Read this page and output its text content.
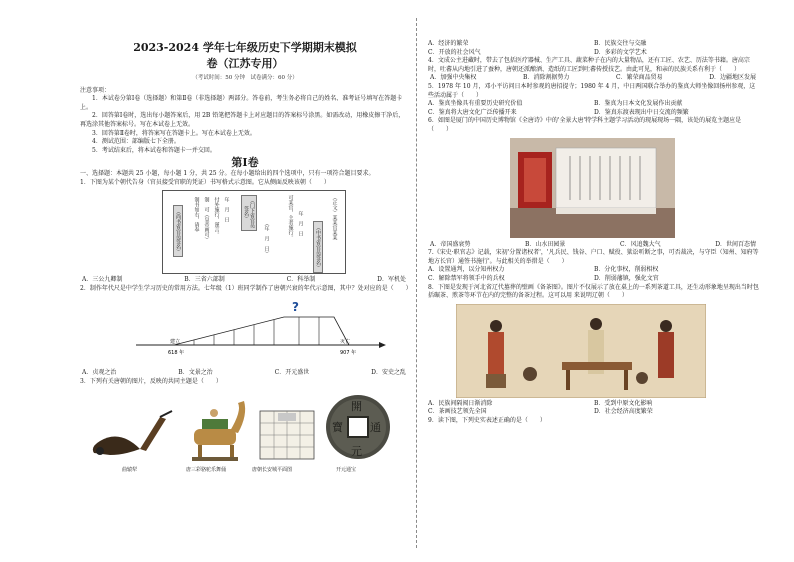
2023-2024 学年七年级历史下学期期末模拟
卷（江苏专用）
（考试时间：50 分钟　试卷满分：60 分）

注意事项：

1．本试卷分第Ⅰ卷（选择题）和第Ⅱ卷（非选择题）两部分。答卷前，考生务必将自己的姓名、准考证号填写在答题卡上。

2．回答第Ⅰ卷时，选出每小题答案后，用 2B 铅笔把答题卡上对应题目的答案标号涂黑。如需改动，用橡皮擦干净后，再选涂其他答案标号。写在本试卷上无效。

3．回答第Ⅱ卷时，将答案写在答题卡上。写在本试卷上无效。

4．测试范围：部编版七下全册。

5．考试结束后，将本试卷和答题卡一并交回。

第Ⅰ卷

一、选择题：本题共 25 小题，每小题 1 分，共 25 分。在每小题给出的四个选项中，只有一项符合题目要求。

1．下图为某个朝代告身（官员接受官职的凭证）书写格式示意图。它从侧面反映该朝（　　）

（尚书省官员签名）	制书如右，请奉 制　可（皇帝画可） 付外施行，谨言。 年　月　日	（门下省官员签名）
（年　月　日）	可某官，主者施行。 年　月　日
（中书省官员签名）
（正文）某某官某某
A．三公九卿制	B．三省六部制	C．科举制	D．军机处

2．制作年代尺是中学生学习历史的常用方法。七年级（1）班同学制作了唐朝兴衰的年代示意图，其中？处对应的是（　　）

?
建立
618 年
灭亡
907 年
A．贞观之治	B．文景之治	C．开元盛世	D．安史之乱

3．下列有关唐朝的图片，反映的共同主题是（　　）

開
元
通
寶
曲辕犁	唐三彩骆驼乐舞俑	唐朝长安城平面图	开元通宝
A．经济的繁荣	B．民族交往与交融
C．开放的社会风气	D．多彩的文学艺术

4．文成公主进藏时，带去了包括医疗器械、生产工具、蔬菜种子在内的大量物品，还有工匠、农艺、历法等书籍。唐高宗时，吐蕃从内地引进了蚕种，唐朝还派酿酒、造纸的工匠到吐蕃传授技艺。由此可见，和亲的民族关系有利于（　　）

A．加强中央集权	B．消除割据势力	C．繁荣商品贸易	D．边疆地区发展

5．1978 年 10 月，邓小平访问日本时参观的唐招提寺；1980 年 4 月，中日两国联合举办的鉴真大师坐像回扬州参观，这些活动属于（　　）

A．鉴真坐像具有重要历史研究价值	B．鉴真为日本文化发展作出贡献
C．鉴真将大唐文化广泛传播开来	D．鉴真东渡表现出中日交流的频繁

6．如图是厦门的中国历史博物馆《全唐诗》中的'全景大唐'特学科主题学习活动的现展现场一隅，该处的展览主题应是（　　）

A．帝国盛衰势	B．山水田园景	C．风追魏大气	D．世间百态情

7.《宋史·职官志》记载，宋初'分置诸权者'，'凡兵民、钱谷、户口、赋役、狱讼听断之事，可否裁决，与守臣（知州、知府等地方长官）通签书施行'。与此相关的举措是（　　）

A．设置通判，以分知州权力	B．分化事权，削弱相权
C．解除禁军将领手中的兵权	D．削弱藩镇，强化文官

8．下图是发现于河北省辽代墓葬的壁画《备茶图》。图片不仅展示了放在桌上的一系列茶道工具，还生动形象地呈现出当时包括碾茶、煎茶等环节在内的完整的备茶过程。这可以用 来说明辽朝（　　）

A．民族间隔阂日渐消除	B．受到中原文化影响
C．茶画技艺领先全国	D．社会经济高度繁荣

9．读下图，下列史实表述正确的是（　　）
